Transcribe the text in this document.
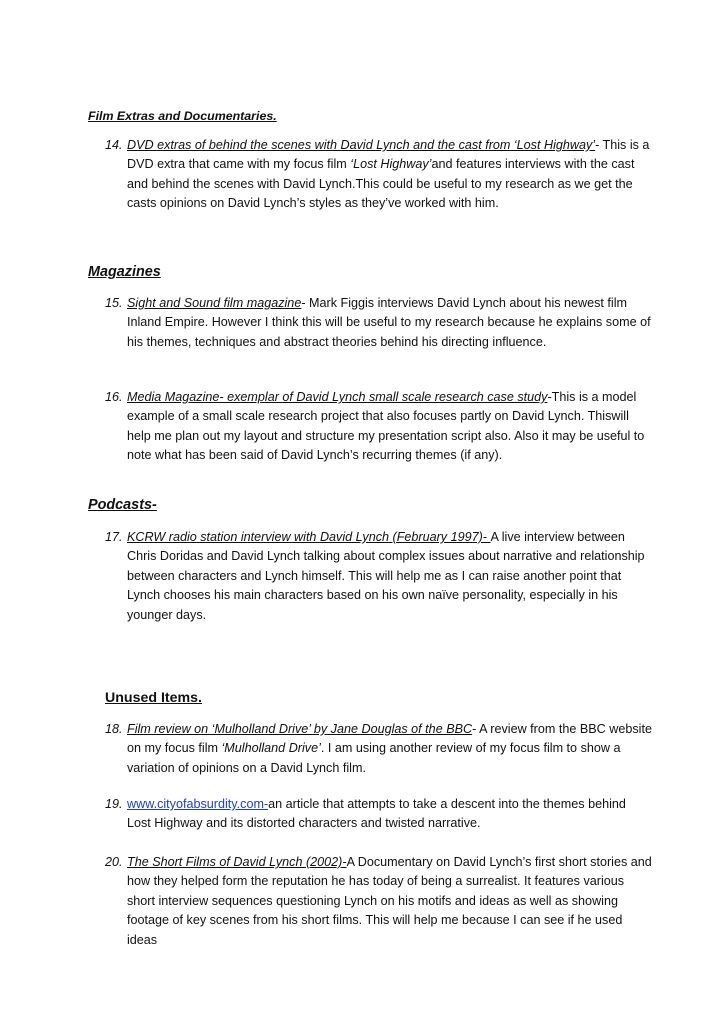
Film Extras and Documentaries.
14. DVD extras of behind the scenes with David Lynch and the cast from ‘Lost Highway’- This is a DVD extra that came with my focus film ‘Lost Highway’and features interviews with the cast and behind the scenes with David Lynch.This could be useful to my research as we get the casts opinions on David Lynch’s styles as they’ve worked with him.
Magazines
15. Sight and Sound film magazine- Mark Figgis interviews David Lynch about his newest film Inland Empire. However I think this will be useful to my research because he explains some of his themes, techniques and abstract theories behind his directing influence.
16. Media Magazine- exemplar of David Lynch small scale research case study-This is a model example of a small scale research project that also focuses partly on David Lynch. Thiswill help me plan out my layout and structure my presentation script also. Also it may be useful to note what has been said of David Lynch’s recurring themes (if any).
Podcasts-
17. KCRW radio station interview with David Lynch (February 1997)- A live interview between Chris Doridas and David Lynch talking about complex issues about narrative and relationship between characters and Lynch himself. This will help me as I can raise another point that Lynch chooses his main characters based on his own naïve personality, especially in his younger days.
Unused Items.
18. Film review on ‘Mulholland Drive’ by Jane Douglas of the BBC- A review from the BBC website on my focus film ‘Mulholland Drive’. I am using another review of my focus film to show a variation of opinions on a David Lynch film.
19. www.cityofabsurdity.com-an article that attempts to take a descent into the themes behind Lost Highway and its distorted characters and twisted narrative.
20. The Short Films of David Lynch (2002)-A Documentary on David Lynch’s first short stories and how they helped form the reputation he has today of being a surrealist. It features various short interview sequences questioning Lynch on his motifs and ideas as well as showing footage of key scenes from his short films. This will help me because I can see if he used ideas
